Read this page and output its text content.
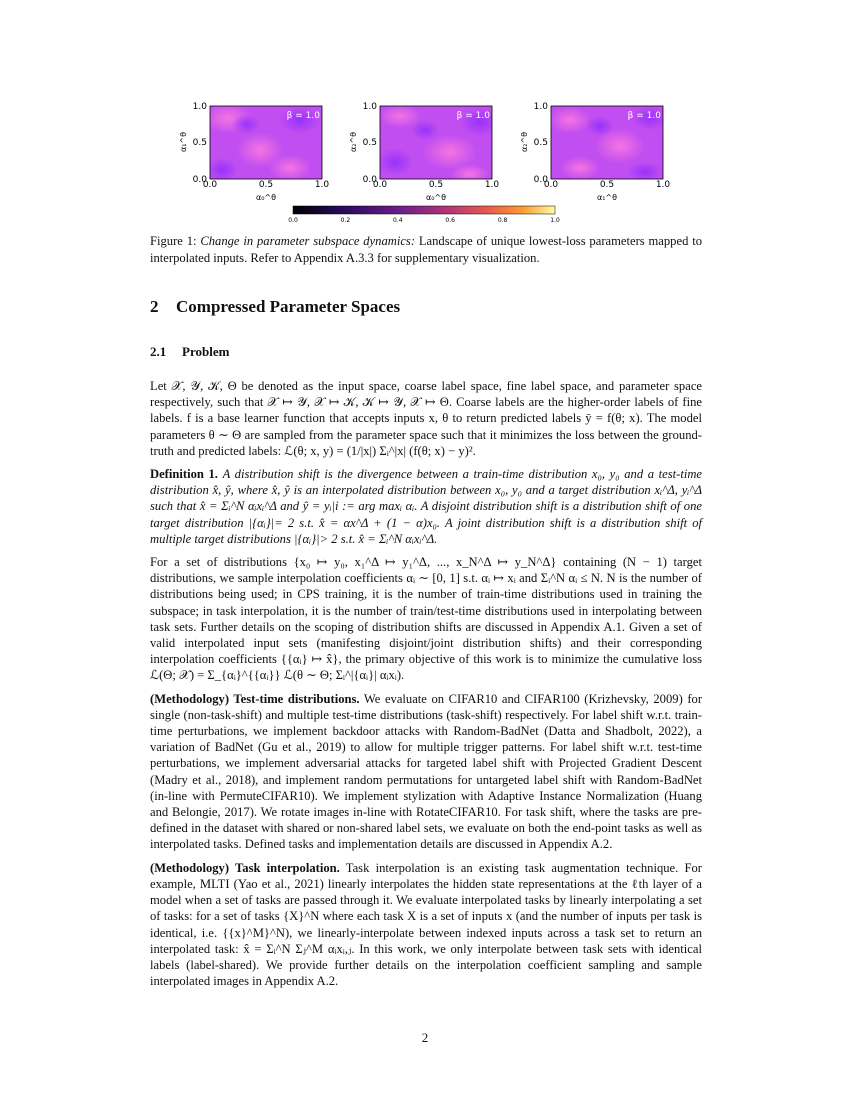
β = 1.0
1.0
0.5
0.0
0.0	0.5	1.0
α₀^θ
α₁^θ
β = 1.0
1.0
0.5
0.0
0.0	0.5	1.0
α₀^θ
α₂^θ
β = 1.0
1.0
0.5
0.0
0.0	0.5	1.0
α₁^θ
α₂^θ
0.0	0.2	0.4	0.6	0.8	1.0
Figure 1: Change in parameter subspace dynamics: Landscape of unique lowest-loss parameters mapped to interpolated inputs. Refer to Appendix A.3.3 for supplementary visualization.
2 Compressed Parameter Spaces
2.1 Problem

Let 𝒳, 𝒴, 𝒦, Θ be denoted as the input space, coarse label space, fine label space, and parameter space respectively, such that 𝒳 ↦ 𝒴, 𝒳 ↦ 𝒦, 𝒦 ↦ 𝒴, 𝒳 ↦ Θ. Coarse labels are the higher-order labels of fine labels. f is a base learner function that accepts inputs x, θ to return predicted labels ȳ = f(θ; x). The model parameters θ ∼ Θ are sampled from the parameter space such that it minimizes the loss between the ground-truth and predicted labels: ℒ(θ; x, y) = (1/|x|) Σᵢ^|x| (f(θ; x) − y)².

Definition 1. A distribution shift is the divergence between a train-time distribution x₀, y₀ and a test-time distribution x̂, ŷ, where x̂, ŷ is an interpolated distribution between x₀, y₀ and a target distribution xᵢ^Δ, yᵢ^Δ such that x̂ = Σᵢ^N αᵢxᵢ^Δ and ŷ = yᵢ|i := arg maxᵢ αᵢ. A disjoint distribution shift is a distribution shift of one target distribution |{αᵢ}|= 2 s.t. x̂ = αx^Δ + (1 − α)x₀. A joint distribution shift is a distribution shift of multiple target distributions |{αᵢ}|> 2 s.t. x̂ = Σᵢ^N αᵢxᵢ^Δ.

For a set of distributions {x₀ ↦ y₀, x₁^Δ ↦ y₁^Δ, ..., x_N^Δ ↦ y_N^Δ} containing (N − 1) target distributions, we sample interpolation coefficients αᵢ ∼ [0, 1] s.t. αᵢ ↦ xᵢ and Σᵢ^N αᵢ ≤ N. N is the number of distributions being used; in CPS training, it is the number of train-time distributions used in training the subspace; in task interpolation, it is the number of train/test-time distributions used in interpolating between task sets. Further details on the scoping of distribution shifts are discussed in Appendix A.1. Given a set of valid interpolated input sets (manifesting disjoint/joint distribution shifts) and their corresponding interpolation coefficients {{αᵢ} ↦ x̂}, the primary objective of this work is to minimize the cumulative loss ℒ(Θ; 𝒳) = Σ_{αᵢ}^{{αᵢ}} ℒ(θ ∼ Θ; Σᵢ^|{αᵢ}| αᵢxᵢ).

(Methodology) Test-time distributions. We evaluate on CIFAR10 and CIFAR100 (Krizhevsky, 2009) for single (non-task-shift) and multiple test-time distributions (task-shift) respectively. For label shift w.r.t. train-time perturbations, we implement backdoor attacks with Random-BadNet (Datta and Shadbolt, 2022), a variation of BadNet (Gu et al., 2019) to allow for multiple trigger patterns. For label shift w.r.t. test-time perturbations, we implement adversarial attacks for targeted label shift with Projected Gradient Descent (Madry et al., 2018), and implement random permutations for untargeted label shift with Random-BadNet (in-line with PermuteCIFAR10). We implement stylization with Adaptive Instance Normalization (Huang and Belongie, 2017). We rotate images in-line with RotateCIFAR10. For task shift, where the tasks are pre-defined in the dataset with shared or non-shared label sets, we evaluate on both the end-point tasks as well as interpolated tasks. Defined tasks and implementation details are discussed in Appendix A.2.

(Methodology) Task interpolation. Task interpolation is an existing task augmentation technique. For example, MLTI (Yao et al., 2021) linearly interpolates the hidden state representations at the ℓth layer of a model when a set of tasks are passed through it. We evaluate interpolated tasks by linearly interpolating a set of tasks: for a set of tasks {X}^N where each task X is a set of inputs x (and the number of inputs per task is identical, i.e. {{x}^M}^N), we linearly-interpolate between indexed inputs across a task set to return an interpolated task: x̂ = Σᵢ^N Σⱼ^M αᵢxᵢ,ⱼ. In this work, we only interpolate between task sets with identical labels (label-shared). We provide further details on the interpolation coefficient sampling and sample interpolated images in Appendix A.2.

2
